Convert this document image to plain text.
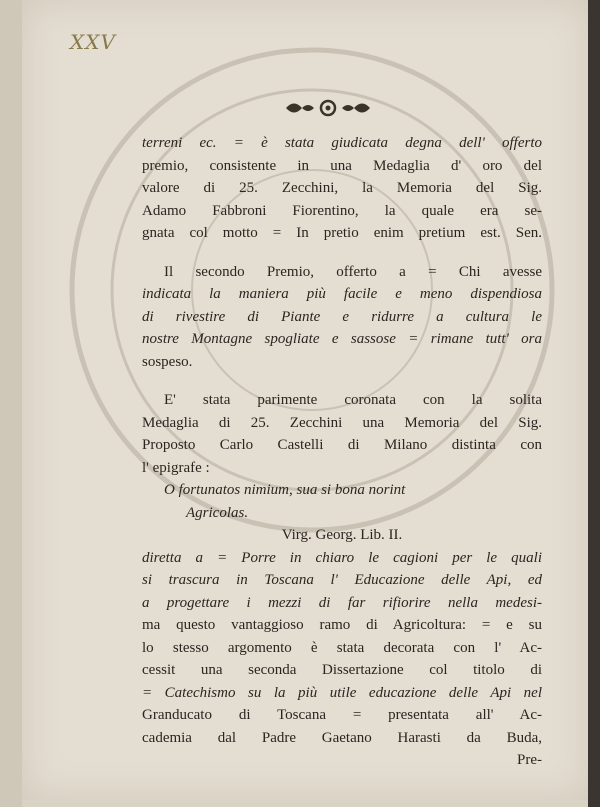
XXV
terreni ec. = è stata giudicata degna dell' offerto
premio, consistente in una Medaglia d' oro del
valore di 25. Zecchini, la Memoria del Sig.
Adamo Fabbroni Fiorentino, la quale era se-
gnata col motto = In pretio enim pretium est. Sen.
Il secondo Premio, offerto a = Chi avesse
indicata la maniera più facile e meno dispendiosa
di rivestire di Piante e ridurre a cultura le
nostre Montagne spogliate e sassose = rimane tutt' ora
sospeso.
E' stata parimente coronata con la solita
Medaglia di 25. Zecchini una Memoria del Sig.
Proposto Carlo Castelli di Milano distinta con
l' epigrafe :
O fortunatos nimium, sua si bona norint
Agricolas.
Virg. Georg. Lib. II.
diretta a = Porre in chiaro le cagioni per le quali
si trascura in Toscana l' Educazione delle Api, ed
a progettare i mezzi di far rifiorire nella medesi-
ma questo vantaggioso ramo di Agricoltura: = e su
lo stesso argomento è stata decorata con l' Ac-
cessit una seconda Dissertazione col titolo di
= Catechismo su la più utile educazione delle Api nel
Granducato di Toscana = presentata all' Ac-
cademia dal Padre Gaetano Harasti da Buda,
Pre-
